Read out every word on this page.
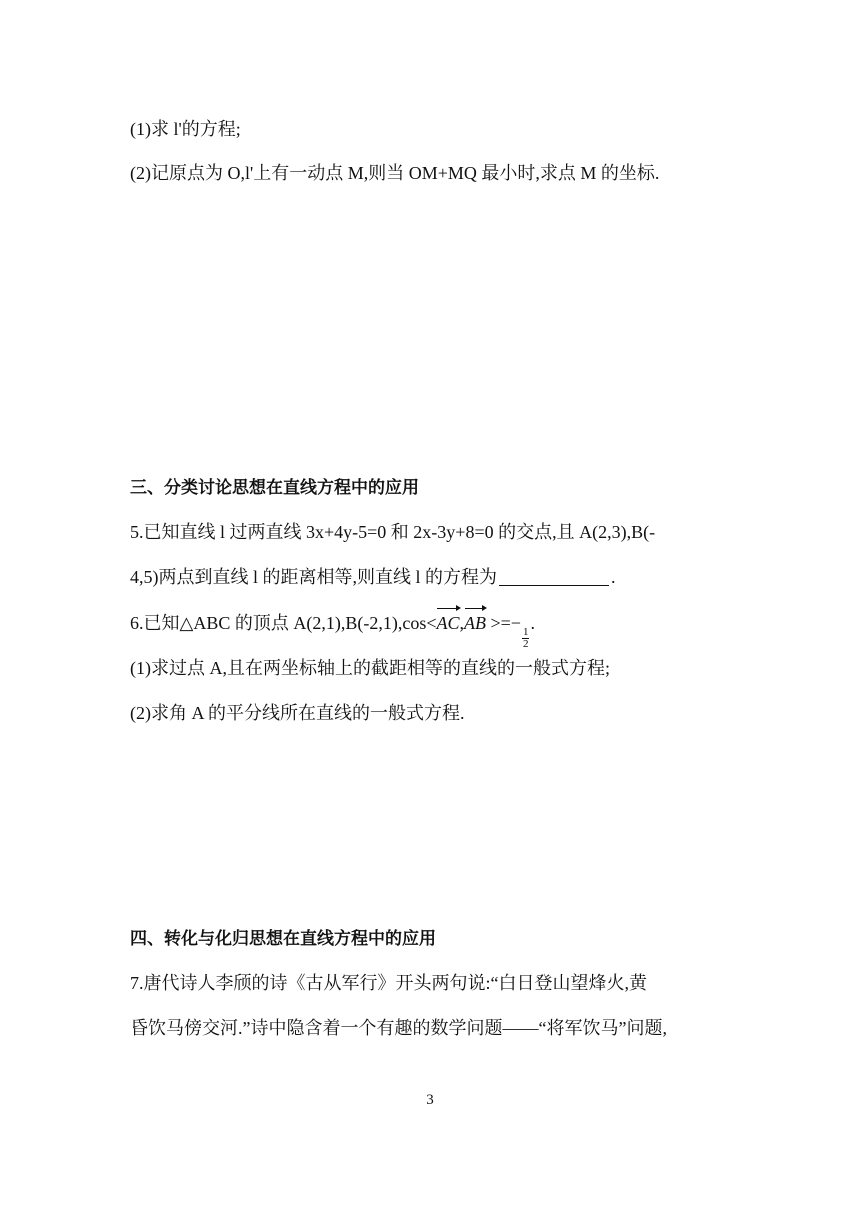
(1)求 l'的方程;
(2)记原点为 O,l'上有一动点 M,则当 OM+MQ 最小时,求点 M 的坐标.
三、分类讨论思想在直线方程中的应用
5.已知直线 l 过两直线 3x+4y-5=0 和 2x-3y+8=0 的交点,且 A(2,3),B(-
4,5)两点到直线 l 的距离相等,则直线 l 的方程为	.
6.已知△ABC 的顶点 A(2,1),B(-2,1),cos<AC,AB >=−
$\frac{1}{2}$
.
(1)求过点 A,且在两坐标轴上的截距相等的直线的一般式方程;
(2)求角 A 的平分线所在直线的一般式方程.
四、转化与化归思想在直线方程中的应用
7.唐代诗人李颀的诗《古从军行》开头两句说:“白日登山望烽火,黄
昏饮马傍交河.”诗中隐含着一个有趣的数学问题——“将军饮马”问题,
3
